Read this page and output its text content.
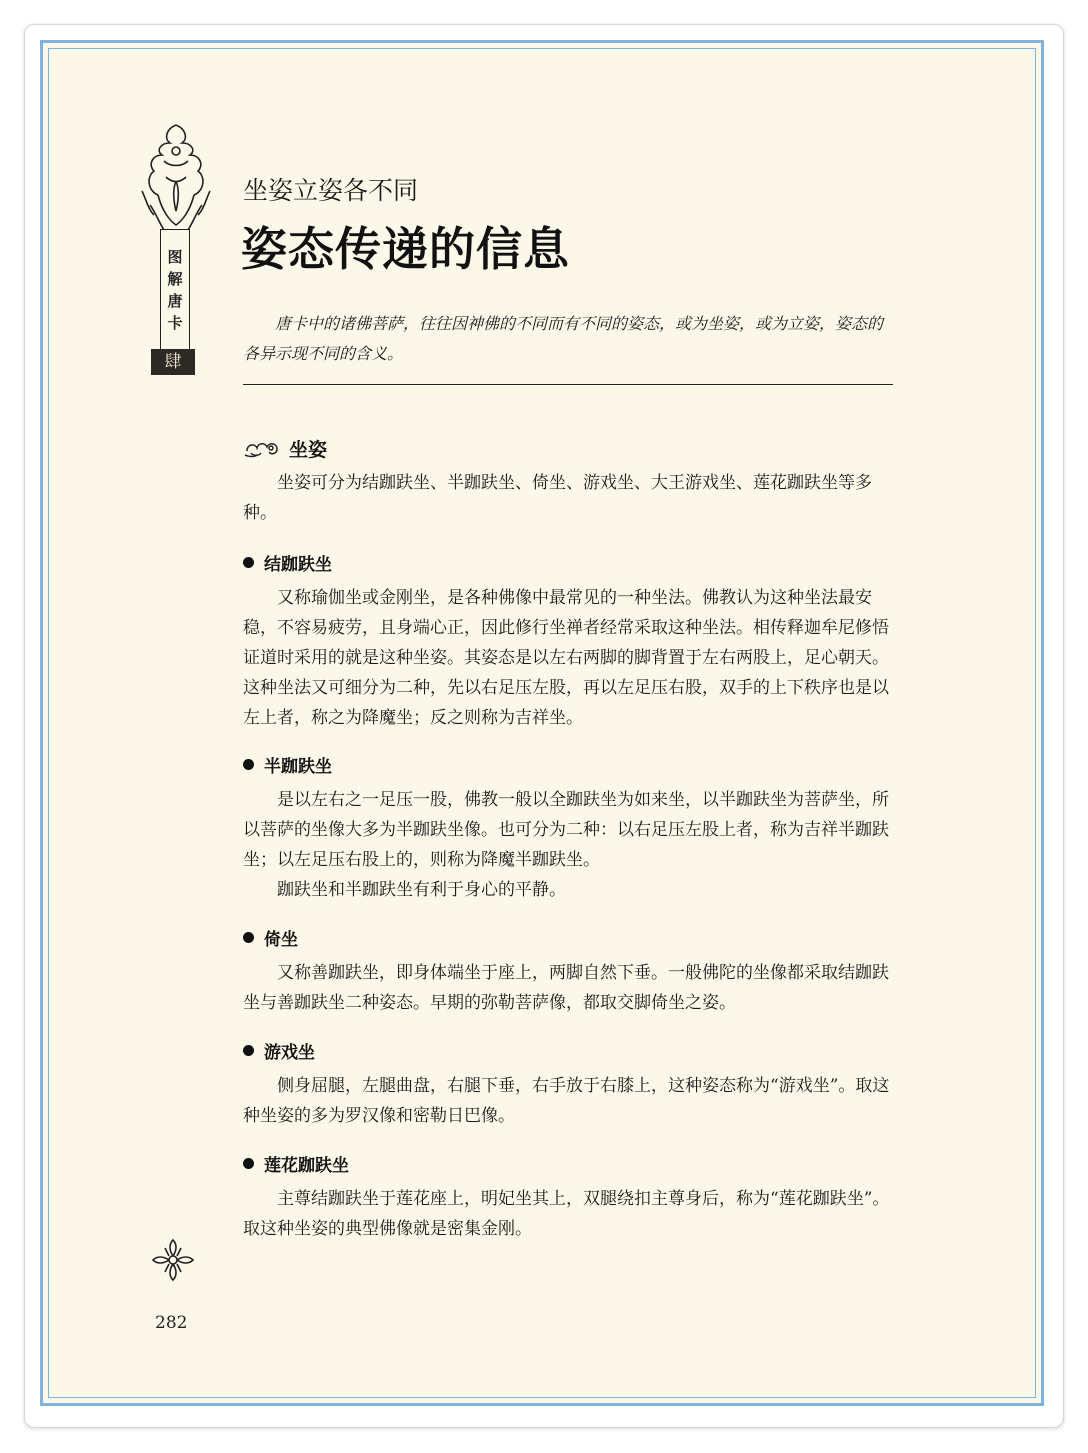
图
解
唐
卡
肆
坐姿立姿各不同
姿态传递的信息

唐卡中的诸佛菩萨，往往因神佛的不同而有不同的姿态，或为坐姿，或为立姿，姿态的各异示现不同的含义。

坐姿

坐姿可分为结跏趺坐、半跏趺坐、倚坐、游戏坐、大王游戏坐、莲花跏趺坐等多种。

结跏趺坐

又称瑜伽坐或金刚坐，是各种佛像中最常见的一种坐法。佛教认为这种坐法最安稳，不容易疲劳，且身端心正，因此修行坐禅者经常采取这种坐法。相传释迦牟尼修悟证道时采用的就是这种坐姿。其姿态是以左右两脚的脚背置于左右两股上，足心朝天。这种坐法又可细分为二种，先以右足压左股，再以左足压右股，双手的上下秩序也是以左上者，称之为降魔坐；反之则称为吉祥坐。

半跏趺坐

是以左右之一足压一股，佛教一般以全跏趺坐为如来坐，以半跏趺坐为菩萨坐，所以菩萨的坐像大多为半跏趺坐像。也可分为二种：以右足压左股上者，称为吉祥半跏趺坐；以左足压右股上的，则称为降魔半跏趺坐。

跏趺坐和半跏趺坐有利于身心的平静。

倚坐

又称善跏趺坐，即身体端坐于座上，两脚自然下垂。一般佛陀的坐像都采取结跏趺坐与善跏趺坐二种姿态。早期的弥勒菩萨像，都取交脚倚坐之姿。

游戏坐

侧身屈腿，左腿曲盘，右腿下垂，右手放于右膝上，这种姿态称为“游戏坐”。取这种坐姿的多为罗汉像和密勒日巴像。

莲花跏趺坐

主尊结跏趺坐于莲花座上，明妃坐其上，双腿绕扣主尊身后，称为“莲花跏趺坐”。取这种坐姿的典型佛像就是密集金刚。

282
